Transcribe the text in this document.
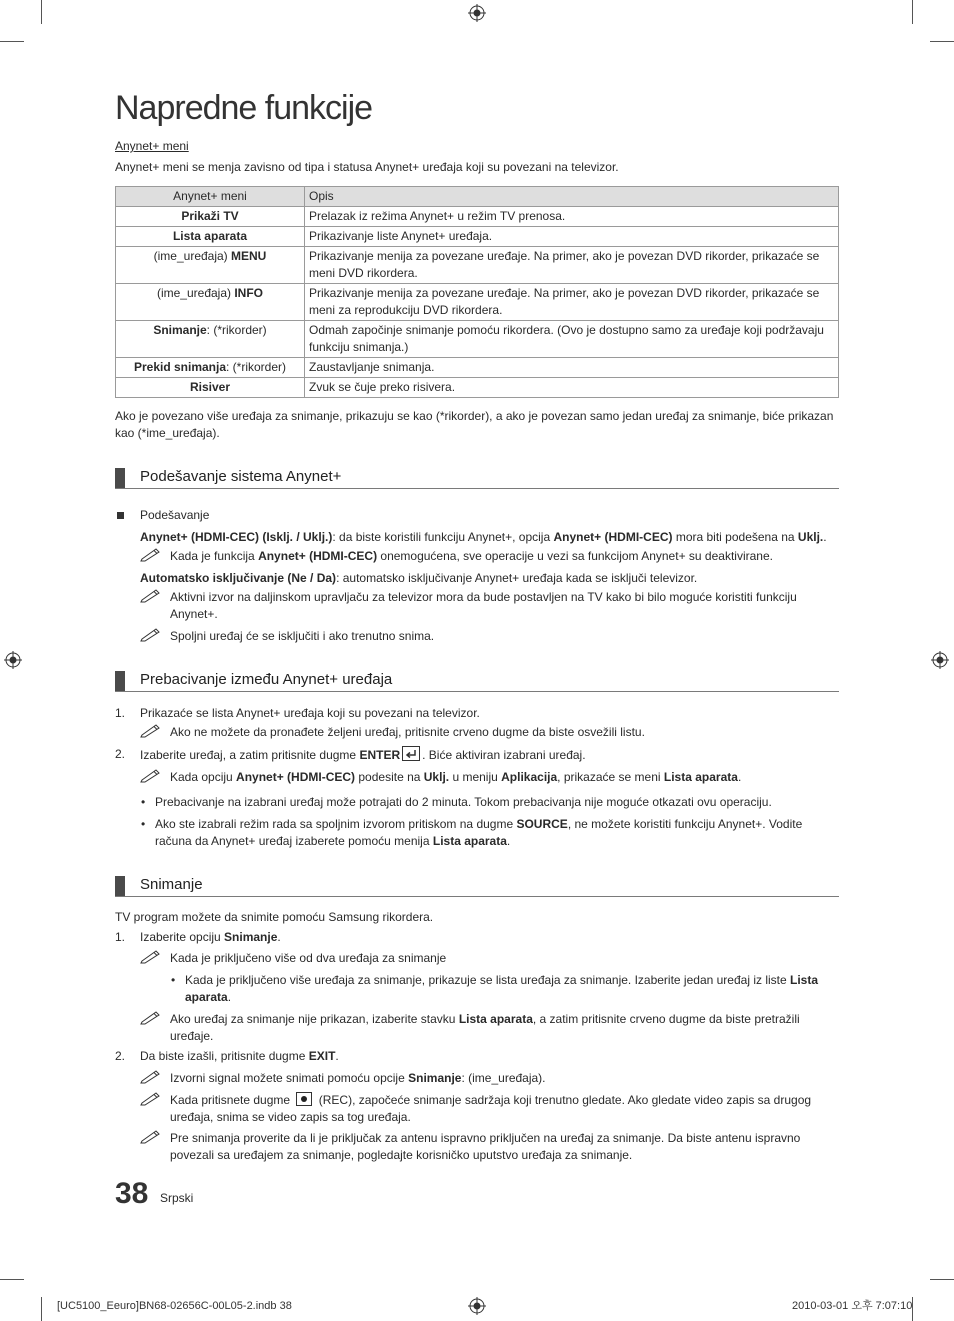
Napredne funkcije

Anynet+ meni

Anynet+ meni se menja zavisno od tipa i statusa Anynet+ uređaja koji su povezani na televizor.

Anynet+ meni	Opis
Prikaži TV	Prelazak iz režima Anynet+ u režim TV prenosa.
Lista aparata	Prikazivanje liste Anynet+ uređaja.
(ime_uređaja) MENU	Prikazivanje menija za povezane uređaje. Na primer, ako je povezan DVD rikorder, prikazaće se meni DVD rikordera.
(ime_uređaja) INFO	Prikazivanje menija za povezane uređaje. Na primer, ako je povezan DVD rikorder, prikazaće se meni za reprodukciju DVD rikordera.
Snimanje: (*rikorder)	Odmah započinje snimanje pomoću rikordera. (Ovo je dostupno samo za uređaje koji podržavaju funkciju snimanja.)
Prekid snimanja: (*rikorder)	Zaustavljanje snimanja.
Risiver	Zvuk se čuje preko risivera.

Ako je povezano više uređaja za snimanje, prikazuju se kao (*rikorder), a ako je povezan samo jedan uređaj za snimanje, biće prikazan kao (*ime_uređaja).

Podešavanje sistema Anynet+
Podešavanje
Anynet+ (HDMI-CEC) (Isklj. / Uklj.): da biste koristili funkciju Anynet+, opcija Anynet+ (HDMI-CEC) mora biti podešena na Uklj..
Kada je funkcija Anynet+ (HDMI-CEC) onemogućena, sve operacije u vezi sa funkcijom Anynet+ su deaktivirane.
Automatsko isključivanje (Ne / Da): automatsko isključivanje Anynet+ uređaja kada se isključi televizor.
Aktivni izvor na daljinskom upravljaču za televizor mora da bude postavljen na TV kako bi bilo moguće koristiti funkciju Anynet+.
Spoljni uređaj će se isključiti i ako trenutno snima.
Prebacivanje između Anynet+ uređaja
1. Prikazaće se lista Anynet+ uređaja koji su povezani na televizor.
Ako ne možete da pronađete željeni uređaj, pritisnite crveno dugme da biste osvežili listu.
2. Izaberite uređaj, a zatim pritisnite dugme ENTER . Biće aktiviran izabrani uređaj.
Kada opciju Anynet+ (HDMI-CEC) podesite na Uklj. u meniju Aplikacija, prikazaće se meni Lista aparata.
• Prebacivanje na izabrani uređaj može potrajati do 2 minuta. Tokom prebacivanja nije moguće otkazati ovu operaciju.
• Ako ste izabrali režim rada sa spoljnim izvorom pritiskom na dugme SOURCE, ne možete koristiti funkciju Anynet+. Vodite računa da Anynet+ uređaj izaberete pomoću menija Lista aparata.
Snimanje

TV program možete da snimite pomoću Samsung rikordera.

1. Izaberite opciju Snimanje.
Kada je priključeno više od dva uređaja za snimanje
• Kada je priključeno više uređaja za snimanje, prikazuje se lista uređaja za snimanje. Izaberite jedan uređaj iz liste Lista aparata.
Ako uređaj za snimanje nije prikazan, izaberite stavku Lista aparata, a zatim pritisnite crveno dugme da biste pretražili uređaje.
2. Da biste izašli, pritisnite dugme EXIT.
Izvorni signal možete snimati pomoću opcije Snimanje: (ime_uređaja).
Kada pritisnete dugme  (REC), započeće snimanje sadržaja koji trenutno gledate. Ako gledate video zapis sa drugog uređaja, snima se video zapis sa tog uređaja.
Pre snimanja proverite da li je priključak za antenu ispravno priključen na uređaj za snimanje. Da biste antenu ispravno povezali sa uređajem za snimanje, pogledajte korisničko uputstvo uređaja za snimanje.
38 Srpski
[UC5100_Eeuro]BN68-02656C-00L05-2.indb 38	2010-03-01 오후 7:07:10
